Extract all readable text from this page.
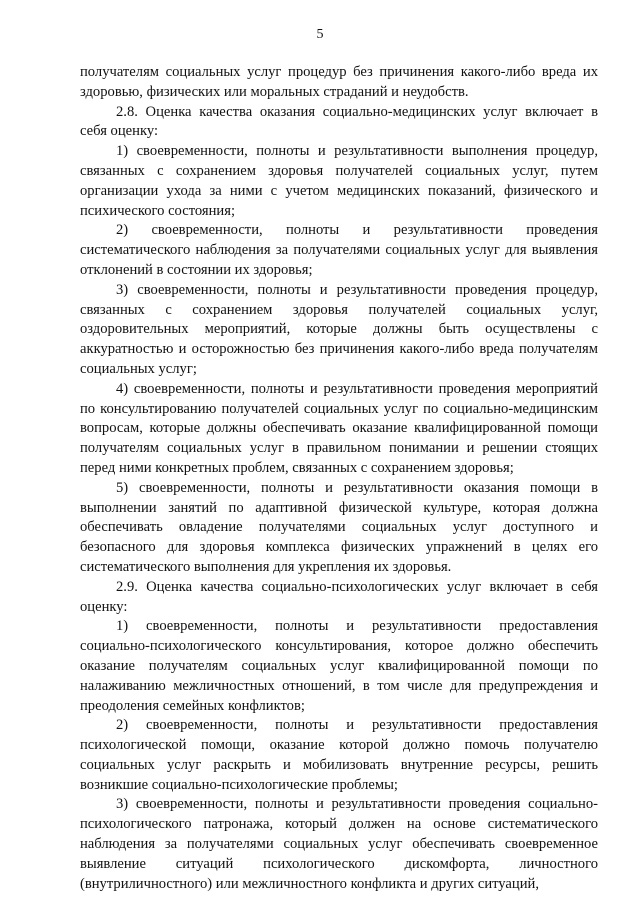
5

получателям социальных услуг процедур без причинения какого-либо вреда их здоровью, физических или моральных страданий и неудобств.

2.8. Оценка качества оказания социально-медицинских услуг включает в себя оценку:

1) своевременности, полноты и результативности выполнения процедур, связанных с сохранением здоровья получателей социальных услуг, путем организации ухода за ними с учетом медицинских показаний, физического и психического состояния;

2) своевременности, полноты и результативности проведения систематического наблюдения за получателями социальных услуг для выявления отклонений в состоянии их здоровья;

3) своевременности, полноты и результативности проведения процедур, связанных с сохранением здоровья получателей социальных услуг, оздоровительных мероприятий, которые должны быть осуществлены с аккуратностью и осторожностью без причинения какого-либо вреда получателям социальных услуг;

4) своевременности, полноты и результативности проведения мероприятий по консультированию получателей социальных услуг по социально-медицинским вопросам, которые должны обеспечивать оказание квалифицированной помощи получателям социальных услуг в правильном понимании и решении стоящих перед ними конкретных проблем, связанных с сохранением здоровья;

5) своевременности, полноты и результативности оказания помощи в выполнении занятий по адаптивной физической культуре, которая должна обеспечивать овладение получателями социальных услуг доступного и безопасного для здоровья комплекса физических упражнений в целях его систематического выполнения для укрепления их здоровья.

2.9. Оценка качества социально-психологических услуг включает в себя оценку:

1) своевременности, полноты и результативности предоставления социально-психологического консультирования, которое должно обеспечить оказание получателям социальных услуг квалифицированной помощи по налаживанию межличностных отношений, в том числе для предупреждения и преодоления семейных конфликтов;

2) своевременности, полноты и результативности предоставления психологической помощи, оказание которой должно помочь получателю социальных услуг раскрыть и мобилизовать внутренние ресурсы, решить возникшие социально-психологические проблемы;

3) своевременности, полноты и результативности проведения социально-психологического патронажа, который должен на основе систематического наблюдения за получателями социальных услуг обеспечивать своевременное выявление ситуаций психологического дискомфорта, личностного (внутриличностного) или межличностного конфликта и других ситуаций,
